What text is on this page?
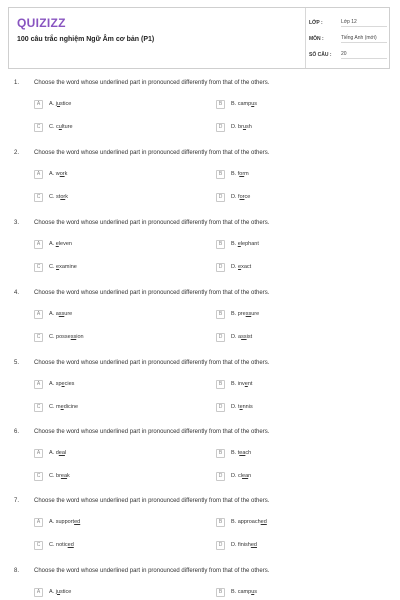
QUIZIZZ
100 câu trắc nghiệm Ngữ Âm cơ bản (P1)
LỚP :	Lớp 12
MÔN :	Tiếng Anh (mới)
SỐ CÂU :	20
1. Choose the word whose underlined part in pronounced differently from that of the others.
A	A. justice	B	B. campus
C	C. culture	D	D. brush
2. Choose the word whose underlined part in pronounced differently from that of the others.
A	A. work	B	B. form
C	C. stork	D	D. force
3. Choose the word whose underlined part in pronounced differently from that of the others.
A	A. eleven	B	B. elephant
C	C. examine	D	D. exact
4. Choose the word whose underlined part in pronounced differently from that of the others.
A	A. assure	B	B. pressure
C	C. possession	D	D. assist
5. Choose the word whose underlined part in pronounced differently from that of the others.
A	A. species	B	B. invent
C	C. medicine	D	D. tennis
6. Choose the word whose underlined part in pronounced differently from that of the others.
A	A. deal	B	B. teach
C	C. break	D	D. clean
7. Choose the word whose underlined part in pronounced differently from that of the others.
A	A. supported	B	B. approached
C	C. noticed	D	D. finished
8. Choose the word whose underlined part in pronounced differently from that of the others.
A	A. justice	B	B. campus
